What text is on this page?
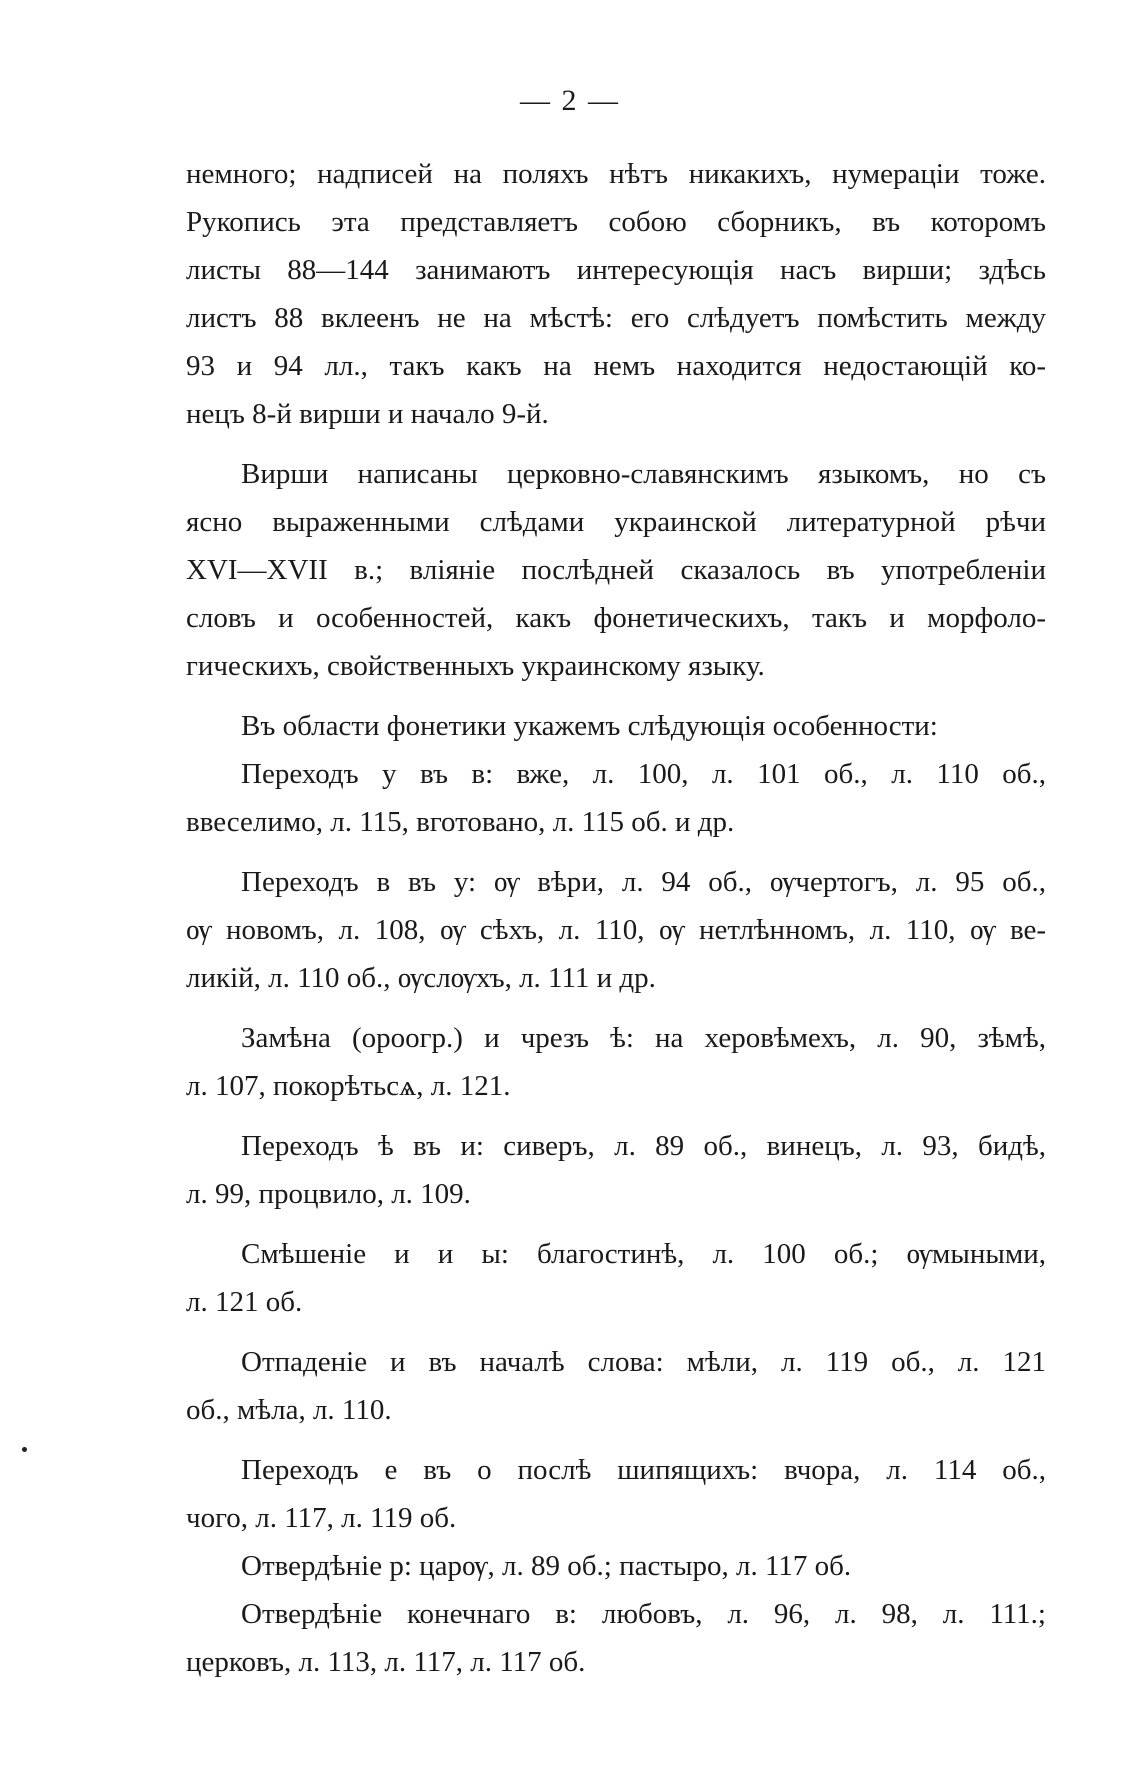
— 2 —
немного; надписей на поляхъ нѣтъ никакихъ, нумераціи тоже.
Рукопись эта представляетъ собою сборникъ, въ которомъ
листы 88—144 занимаютъ интересующія насъ вирши; здѣсь
листъ 88 вклеенъ не на мѣстѣ: его слѣдуетъ помѣстить между
93 и 94 лл., такъ какъ на немъ находится недостающій ко-
нецъ 8-й вирши и начало 9-й.
Вирши написаны церковно-славянскимъ языкомъ, но съ
ясно выраженными слѣдами украинской литературной рѣчи
XVI—XVII в.; вліяніе послѣдней сказалось въ употребленіи
словъ и особенностей, какъ фонетическихъ, такъ и морфоло-
гическихъ, свойственныхъ украинскому языку.
Въ области фонетики укажемъ слѣдующія особенности:
Переходъ у въ в: вже, л. 100, л. 101 об., л. 110 об.,
ввеселимо, л. 115, вготовано, л. 115 об. и др.
Переходъ в въ у: ѹ вѣри, л. 94 об., ѹчертогъ, л. 95 об.,
ѹ новомъ, л. 108, ѹ сѣхъ, л. 110, ѹ нетлѣнномъ, л. 110, ѹ ве-
ликій, л. 110 об., ѹслѹхъ, л. 111 и др.
Замѣна (ороогр.) и чрезъ ѣ: на херовѣмехъ, л. 90, зѣмѣ,
л. 107, покорѣтьсѧ, л. 121.
Переходъ ѣ въ и: сиверъ, л. 89 об., винецъ, л. 93, бидѣ,
л. 99, процвило, л. 109.
Смѣшеніе и и ы: благостинѣ, л. 100 об.; ѹмыными,
л. 121 об.
Отпаденіе и въ началѣ слова: мѣли, л. 119 об., л. 121
об., мѣла, л. 110.
Переходъ е въ о послѣ шипящихъ: вчора, л. 114 об.,
чого, л. 117, л. 119 об.
Отвердѣніе р: царѹ, л. 89 об.; пастыро, л. 117 об.
Отвердѣніе конечнаго в: любовъ, л. 96, л. 98, л. 111.;
церковъ, л. 113, л. 117, л. 117 об.
